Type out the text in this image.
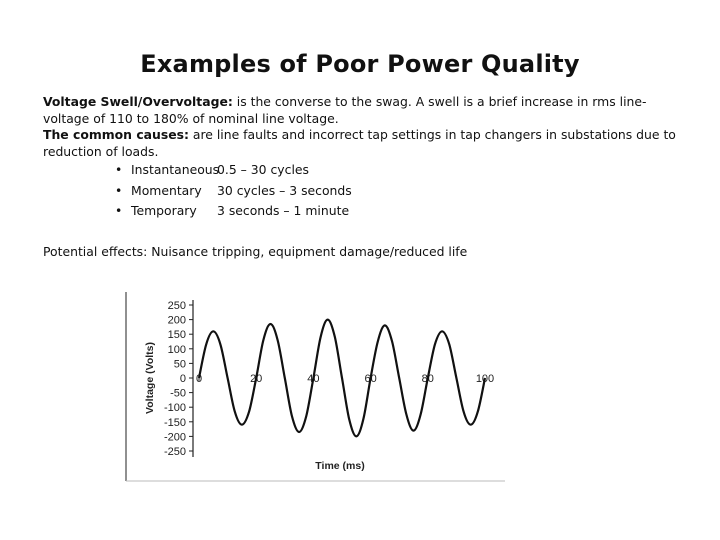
Examples of Poor Power Quality

Voltage Swell/Overvoltage: is the converse to the swag. A swell is a brief increase in rms line-voltage of 110 to 180% of nominal line voltage.

The common causes: are line faults and incorrect tap settings in tap changers in substations due to reduction of loads.

• Instantaneous0.5 – 30 cycles
• Momentary 30 cycles – 3 seconds
• Temporary 3 seconds – 1 minute

Potential effects: Nuisance tripping, equipment damage/reduced life

250
200
150
100
50
0
-50
-100
-150
-200
-250
0	20	40	60	80	100
Time (ms)
Voltage (Volts)
